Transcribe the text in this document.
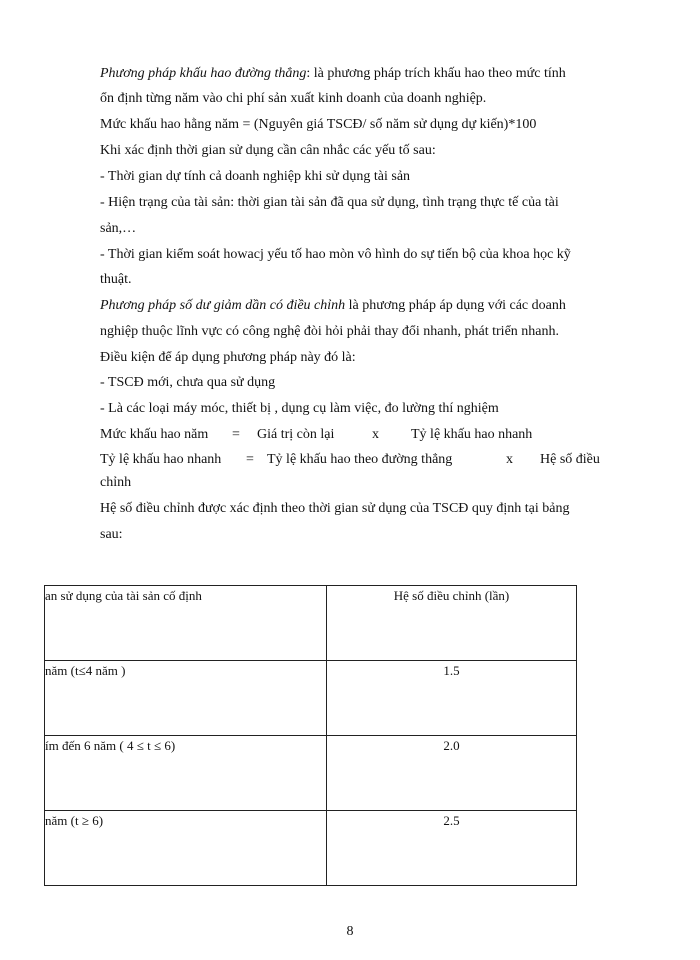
Phương pháp khấu hao đường thẳng: là phương pháp trích khấu hao theo mức tính
ổn định từng năm vào chi phí sản xuất kinh doanh của doanh nghiệp.
Mức khấu hao hằng năm = (Nguyên giá TSCĐ/ số năm sử dụng dự kiến)*100
Khi xác định thời gian sử dụng cần cân nhắc các yếu tố sau:
- Thời gian dự tính cả doanh nghiệp khi sử dụng tài sản
- Hiện trạng của tài sản: thời gian tài sản đã qua sử dụng, tình trạng thực tế của tài
sản,…
- Thời gian kiểm soát howacj yếu tố hao mòn vô hình do sự tiến bộ của khoa học kỹ
thuật.
Phương pháp số dư giảm dần có điều chỉnh là phương pháp áp dụng với các doanh
nghiệp thuộc lĩnh vực có công nghệ đòi hỏi phải thay đổi nhanh, phát triển nhanh.
Điều kiện để áp dụng phương pháp này đó là:
- TSCĐ mới, chưa qua sử dụng
- Là các loại máy móc, thiết bị , dụng cụ làm việc, đo lường thí nghiệm
Mức khấu hao năm = Giá trị còn lại	x Tỷ lệ khấu hao nhanh
Tỷ lệ khấu hao nhanh = Tỷ lệ khấu hao theo đường thẳng	x Hệ số điều
chỉnh
Hệ số điều chỉnh được xác định theo thời gian sử dụng của TSCĐ quy định tại bảng
sau:
an sử dụng của tài sản cố định	Hệ số điều chỉnh (lần)
năm (t≤4 năm )	1.5
ím đến 6 năm ( 4 ≤ t ≤ 6)	2.0
năm (t ≥ 6)	2.5
8
